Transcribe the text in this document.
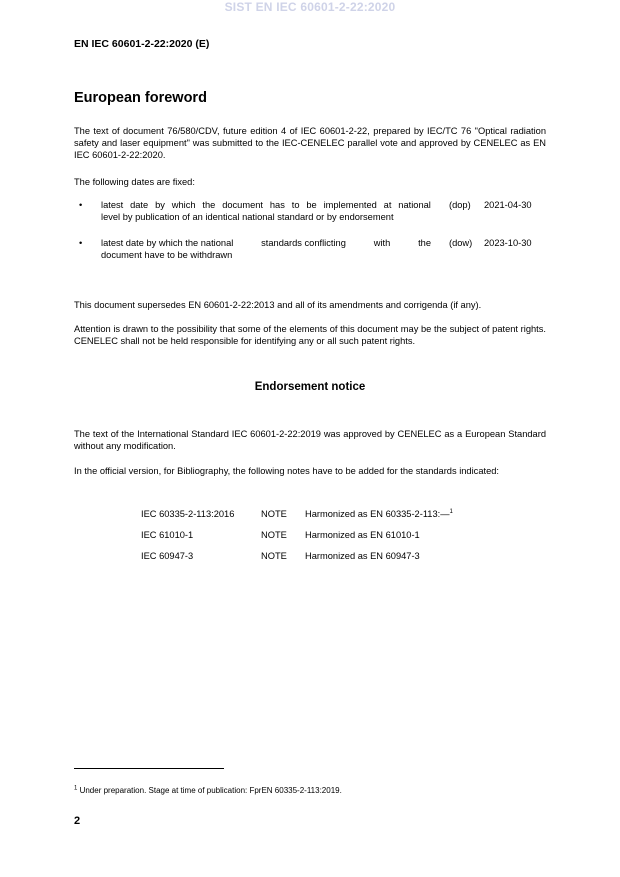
SIST EN IEC 60601-2-22:2020
EN IEC 60601-2-22:2020 (E)
European foreword

The text of document 76/580/CDV, future edition 4 of IEC 60601-2-22, prepared by IEC/TC 76 "Optical radiation safety and laser equipment" was submitted to the IEC-CENELEC parallel vote and approved by CENELEC as EN IEC 60601-2-22:2020.

The following dates are fixed:

• latest date by which the document has to be implemented at national
level by publication of an identical national standard or by endorsement
(dop) 2021-04-30
• latest date by which the national	standards conflicting	with	the
document have to be withdrawn
(dow) 2023-10-30

This document supersedes EN 60601-2-22:2013 and all of its amendments and corrigenda (if any).

Attention is drawn to the possibility that some of the elements of this document may be the subject of patent rights. CENELEC shall not be held responsible for identifying any or all such patent rights.

Endorsement notice

The text of the International Standard IEC 60601-2-22:2019 was approved by CENELEC as a European Standard without any modification.

In the official version, for Bibliography, the following notes have to be added for the standards indicated:

IEC 60335-2-113:2016	NOTE Harmonized as EN 60335-2-113:—$^1$
IEC 61010-1	NOTE Harmonized as EN 61010-1
IEC 60947-3	NOTE Harmonized as EN 60947-3
$^1$ Under preparation. Stage at time of publication: FprEN 60335-2-113:2019.
2
